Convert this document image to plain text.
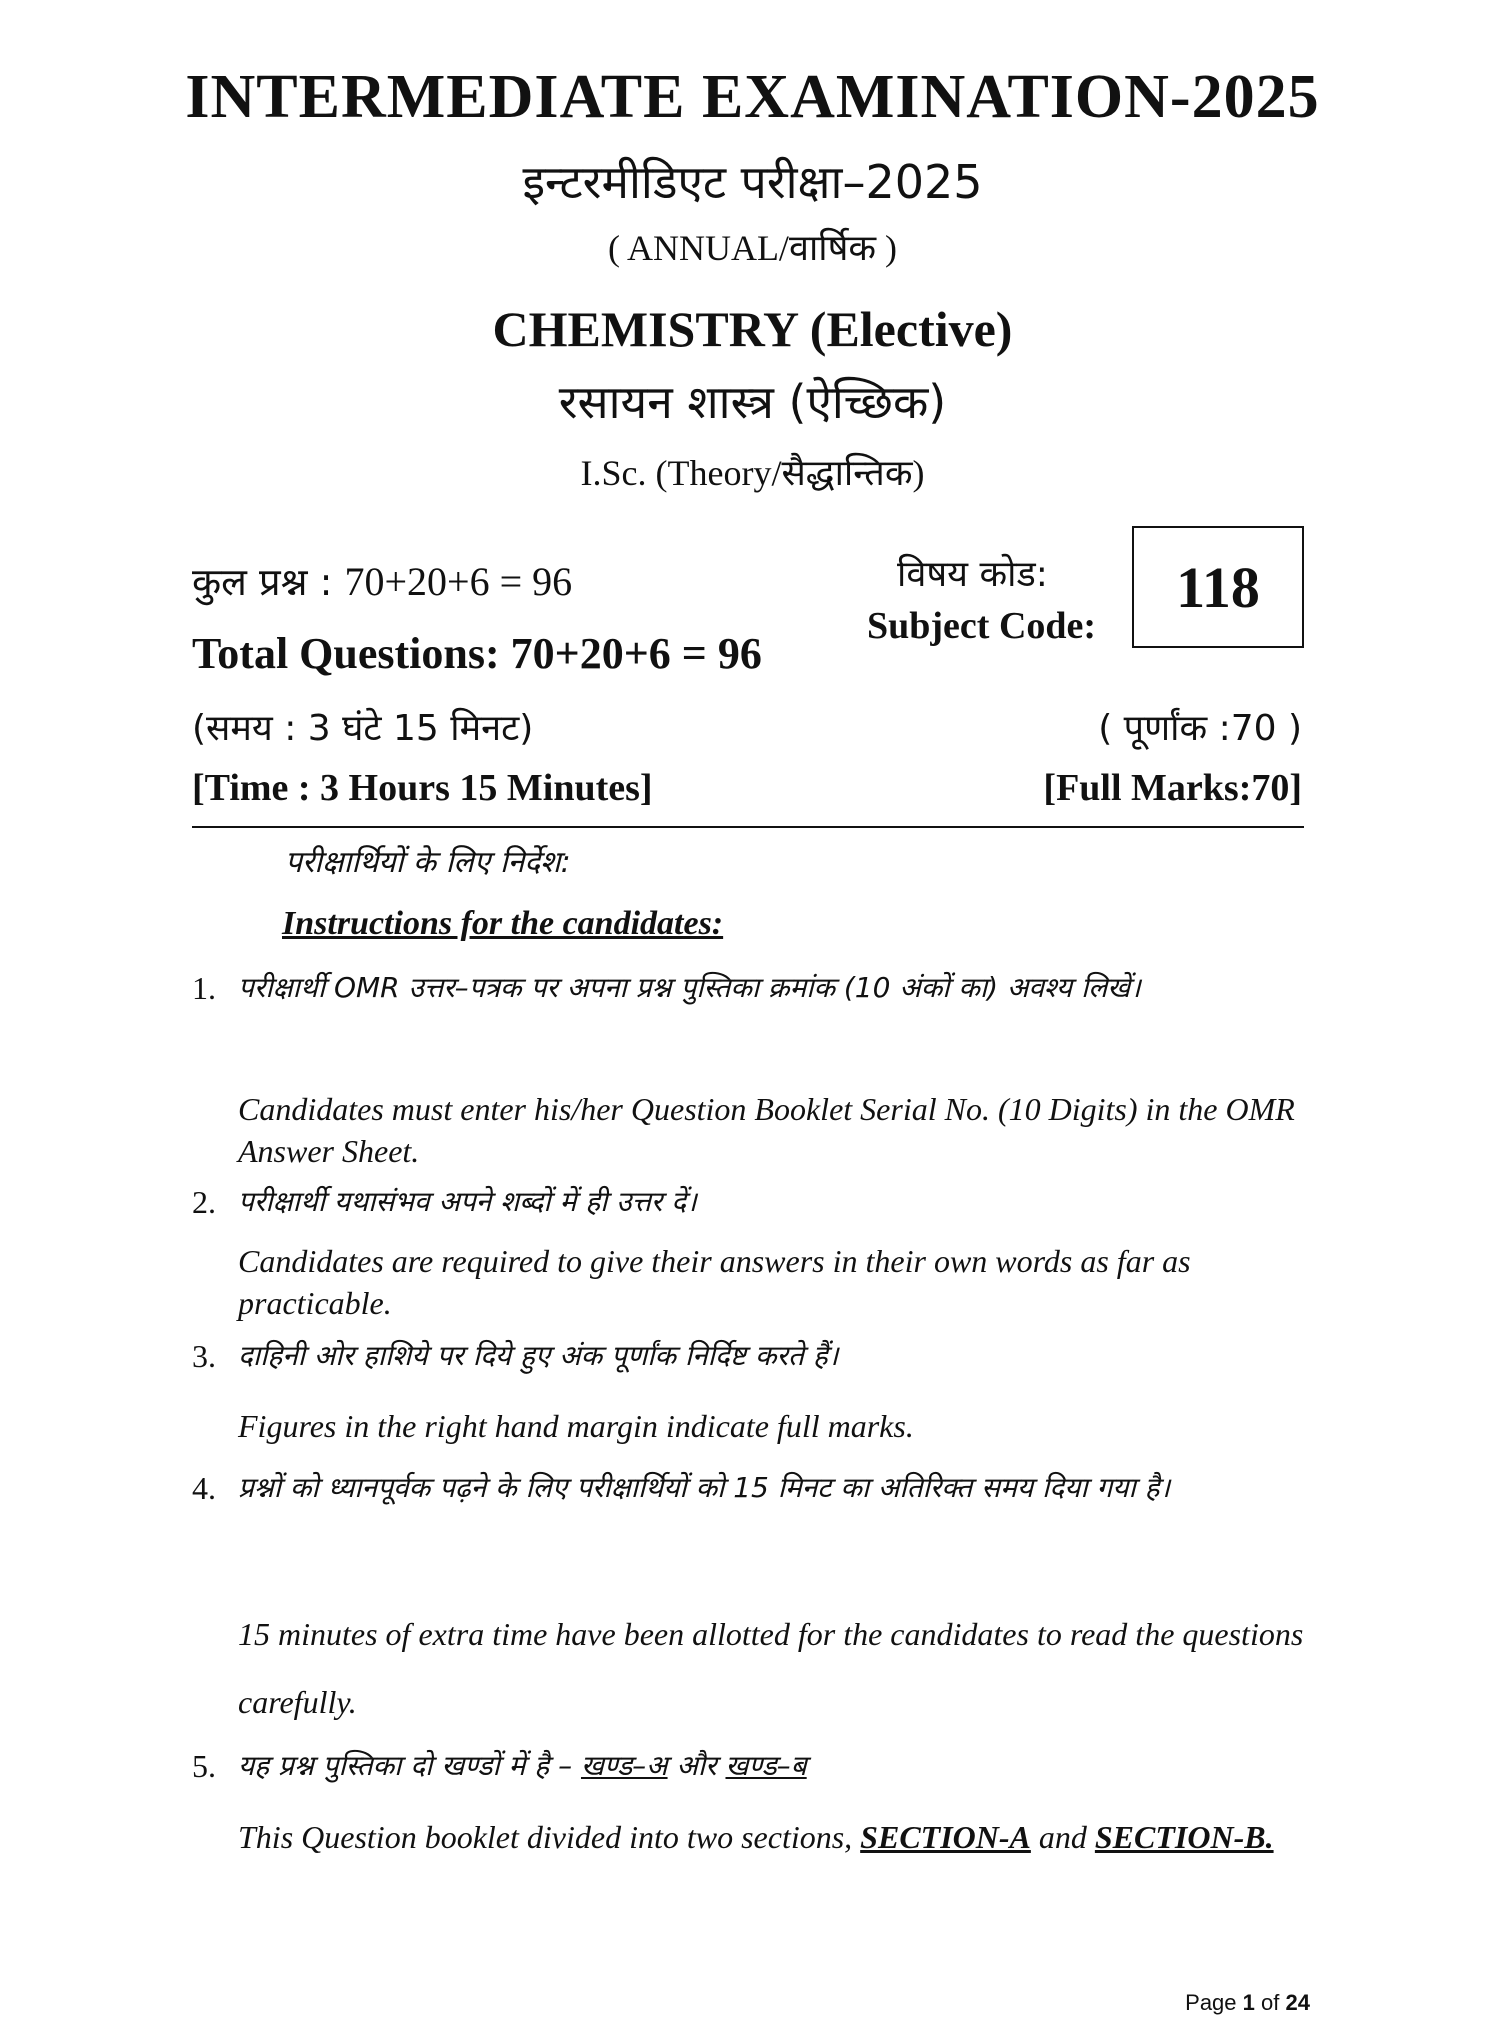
INTERMEDIATE EXAMINATION-2025
इन्टरमीडिएट परीक्षा–2025
( ANNUAL/वार्षिक )
CHEMISTRY (Elective)
रसायन शास्त्र (ऐच्छिक)
I.Sc. (Theory/सैद्धान्तिक)
कुल प्रश्न : 70+20+6 = 96
Total Questions: 70+20+6 = 96
विषय कोड:
Subject Code:
118
(समय : 3 घंटे 15 मिनट)	( पूर्णांक :70 )
[Time : 3 Hours 15 Minutes]	[Full Marks:70]
परीक्षार्थियों के लिए निर्देश:
Instructions for the candidates:
1. परीक्षार्थी OMR उत्तर–पत्रक पर अपना प्रश्न पुस्तिका क्रमांक (10 अंकों का) अवश्य लिखें।
Candidates must enter his/her Question Booklet Serial No. (10 Digits) in the OMR Answer Sheet.
2. परीक्षार्थी यथासंभव अपने शब्दों में ही उत्तर दें।
Candidates are required to give their answers in their own words as far as practicable.
3. दाहिनी ओर हाशिये पर दिये हुए अंक पूर्णांक निर्दिष्ट करते हैं।
Figures in the right hand margin indicate full marks.
4. प्रश्नों को ध्यानपूर्वक पढ़ने के लिए परीक्षार्थियों को 15 मिनट का अतिरिक्त समय दिया गया है।
15 minutes of extra time have been allotted for the candidates to read the questions carefully.
5. यह प्रश्न पुस्तिका दो खण्डों में है – खण्ड–अ और खण्ड–ब
This Question booklet divided into two sections, SECTION-A and SECTION-B.
Page 1 of 24
